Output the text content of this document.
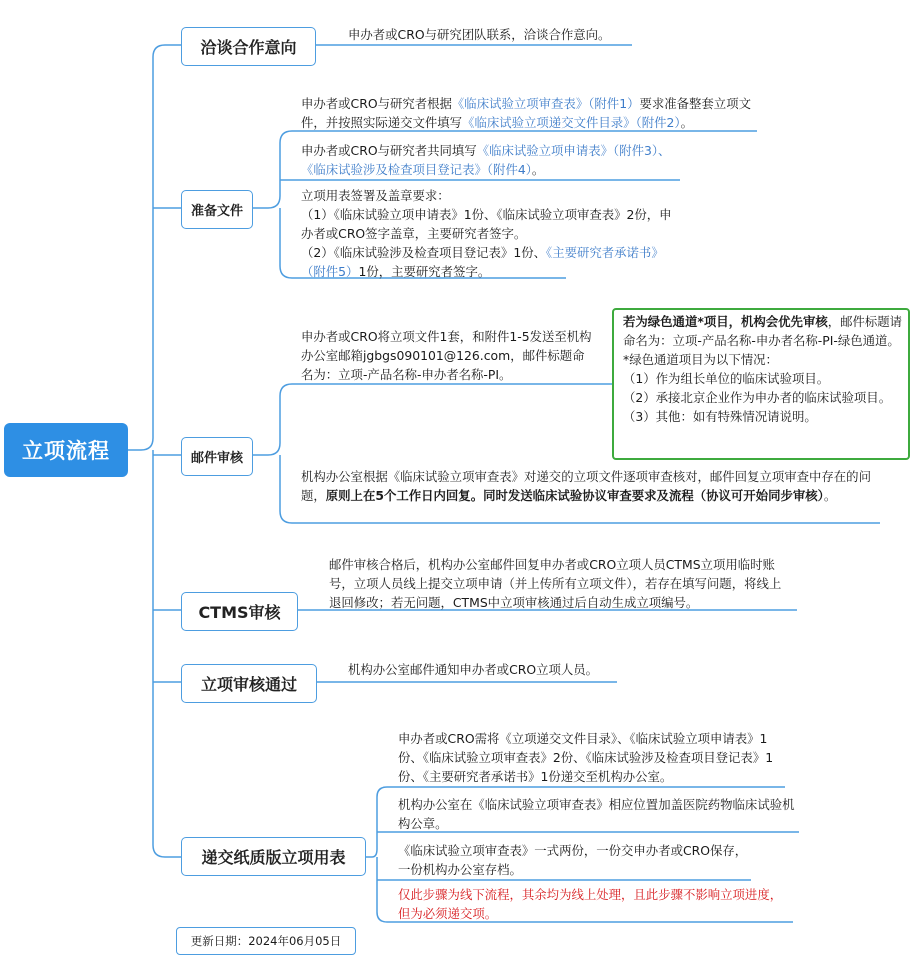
立项流程
洽谈合作意向
申办者或CRO与研究团队联系，洽谈合作意向。
准备文件
申办者或CRO与研究者根据《临床试验立项审查表》（附件1）要求准备整套立项文件，并按照实际递交文件填写《临床试验立项递交文件目录》（附件2）。
申办者或CRO与研究者共同填写《临床试验立项申请表》（附件3）、《临床试验涉及检查项目登记表》（附件4）。
立项用表签署及盖章要求：
（1）《临床试验立项申请表》1份、《临床试验立项审查表》2份，申办者或CRO签字盖章，主要研究者签字。
（2）《临床试验涉及检查项目登记表》1份、《主要研究者承诺书》（附件5）1份，主要研究者签字。
邮件审核
申办者或CRO将立项文件1套，和附件1-5发送至机构办公室邮箱jgbgs090101@126.com，邮件标题命名为：立项-产品名称-申办者名称-PI。
若为绿色通道*项目，机构会优先审核，邮件标题请命名为：立项-产品名称-申办者名称-PI-绿色通道。
*绿色通道项目为以下情况：
（1）作为组长单位的临床试验项目。
（2）承接北京企业作为申办者的临床试验项目。
（3）其他：如有特殊情况请说明。
机构办公室根据《临床试验立项审查表》对递交的立项文件逐项审查核对，邮件回复立项审查中存在的问题，原则上在5个工作日内回复。同时发送临床试验协议审查要求及流程（协议可开始同步审核）。
CTMS审核
邮件审核合格后，机构办公室邮件回复申办者或CRO立项人员CTMS立项用临时账号，立项人员线上提交立项申请（并上传所有立项文件），若存在填写问题，将线上退回修改；若无问题，CTMS中立项审核通过后自动生成立项编号。
立项审核通过
机构办公室邮件通知申办者或CRO立项人员。
递交纸质版立项用表
申办者或CRO需将《立项递交文件目录》、《临床试验立项申请表》1份、《临床试验立项审查表》2份、《临床试验涉及检查项目登记表》1份、《主要研究者承诺书》1份递交至机构办公室。
机构办公室在《临床试验立项审查表》相应位置加盖医院药物临床试验机构公章。
《临床试验立项审查表》一式两份，一份交申办者或CRO保存，一份机构办公室存档。
仅此步骤为线下流程，其余均为线上处理，且此步骤不影响立项进度，但为必须递交项。
更新日期：2024年06月05日
